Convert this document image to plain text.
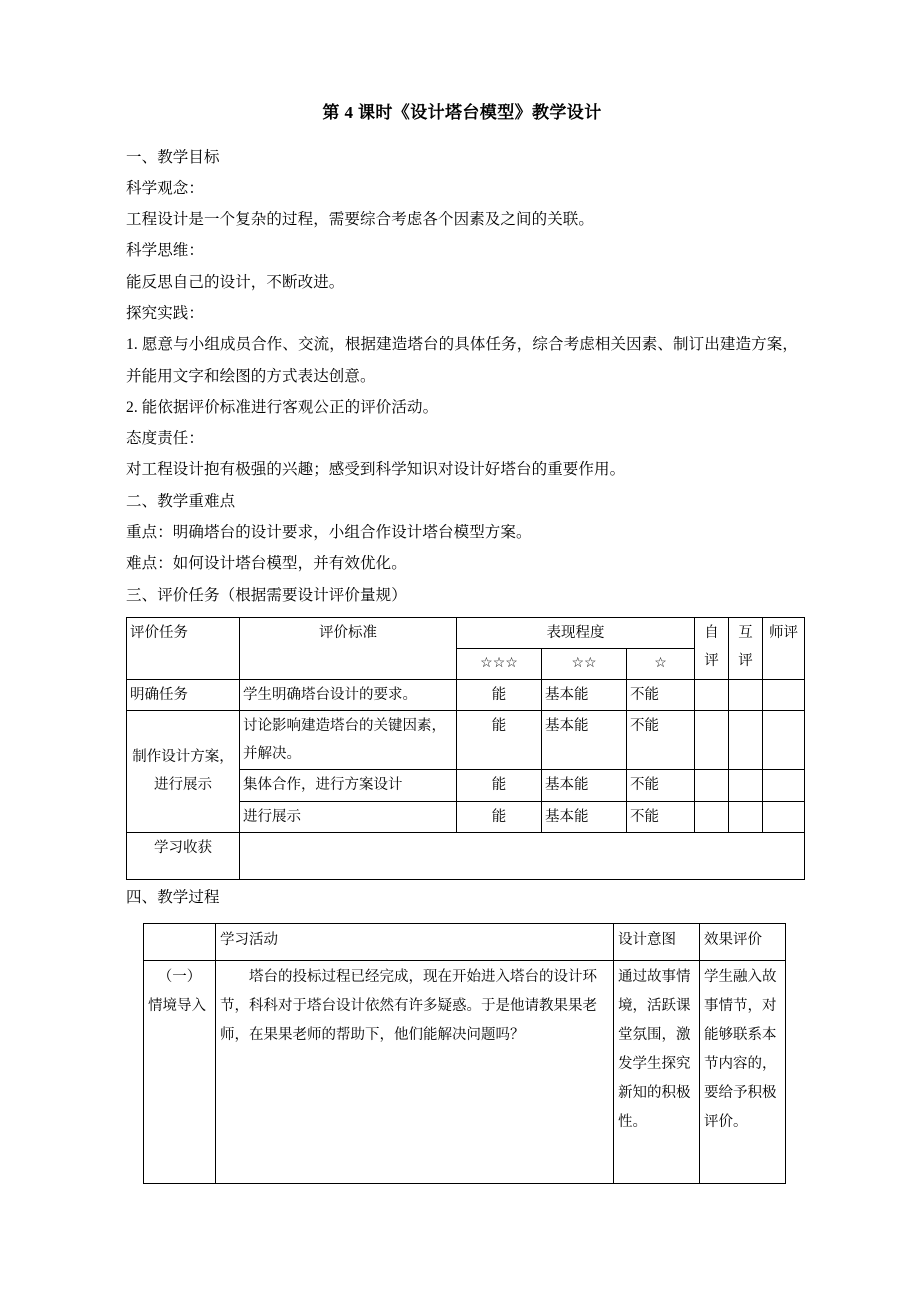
第 4 课时《设计塔台模型》教学设计

一、教学目标

科学观念：

工程设计是一个复杂的过程，需要综合考虑各个因素及之间的关联。

科学思维：

能反思自己的设计，不断改进。

探究实践：

1. 愿意与小组成员合作、交流，根据建造塔台的具体任务，综合考虑相关因素、制订出建造方案，并能用文字和绘图的方式表达创意。

2. 能依据评价标准进行客观公正的评价活动。

态度责任：

对工程设计抱有极强的兴趣；感受到科学知识对设计好塔台的重要作用。

二、教学重难点

重点：明确塔台的设计要求，小组合作设计塔台模型方案。

难点：如何设计塔台模型，并有效优化。

三、评价任务（根据需要设计评价量规）

评价任务	评价标准	表现程度			自评	互评	师评
		☆☆☆	☆☆	☆			
明确任务	学生明确塔台设计的要求。	能	基本能	不能			
制作设计方案，进行展示	讨论影响建造塔台的关键因素，并解决。	能	基本能	不能			
	集体合作，进行方案设计	能	基本能	不能			
	进行展示	能	基本能	不能			
学习收获							

四、教学过程

	学习活动	设计意图	效果评价

（一）
情境导入	塔台的投标过程已经完成，现在开始进入塔台的设计环节，科科对于塔台设计依然有许多疑惑。于是他请教果果老师，在果果老师的帮助下，他们能解决问题吗？	通过故事情境，活跃课堂氛围，激发学生探究新知的积极性。	学生融入故事情节，对能够联系本节内容的，要给予积极评价。
